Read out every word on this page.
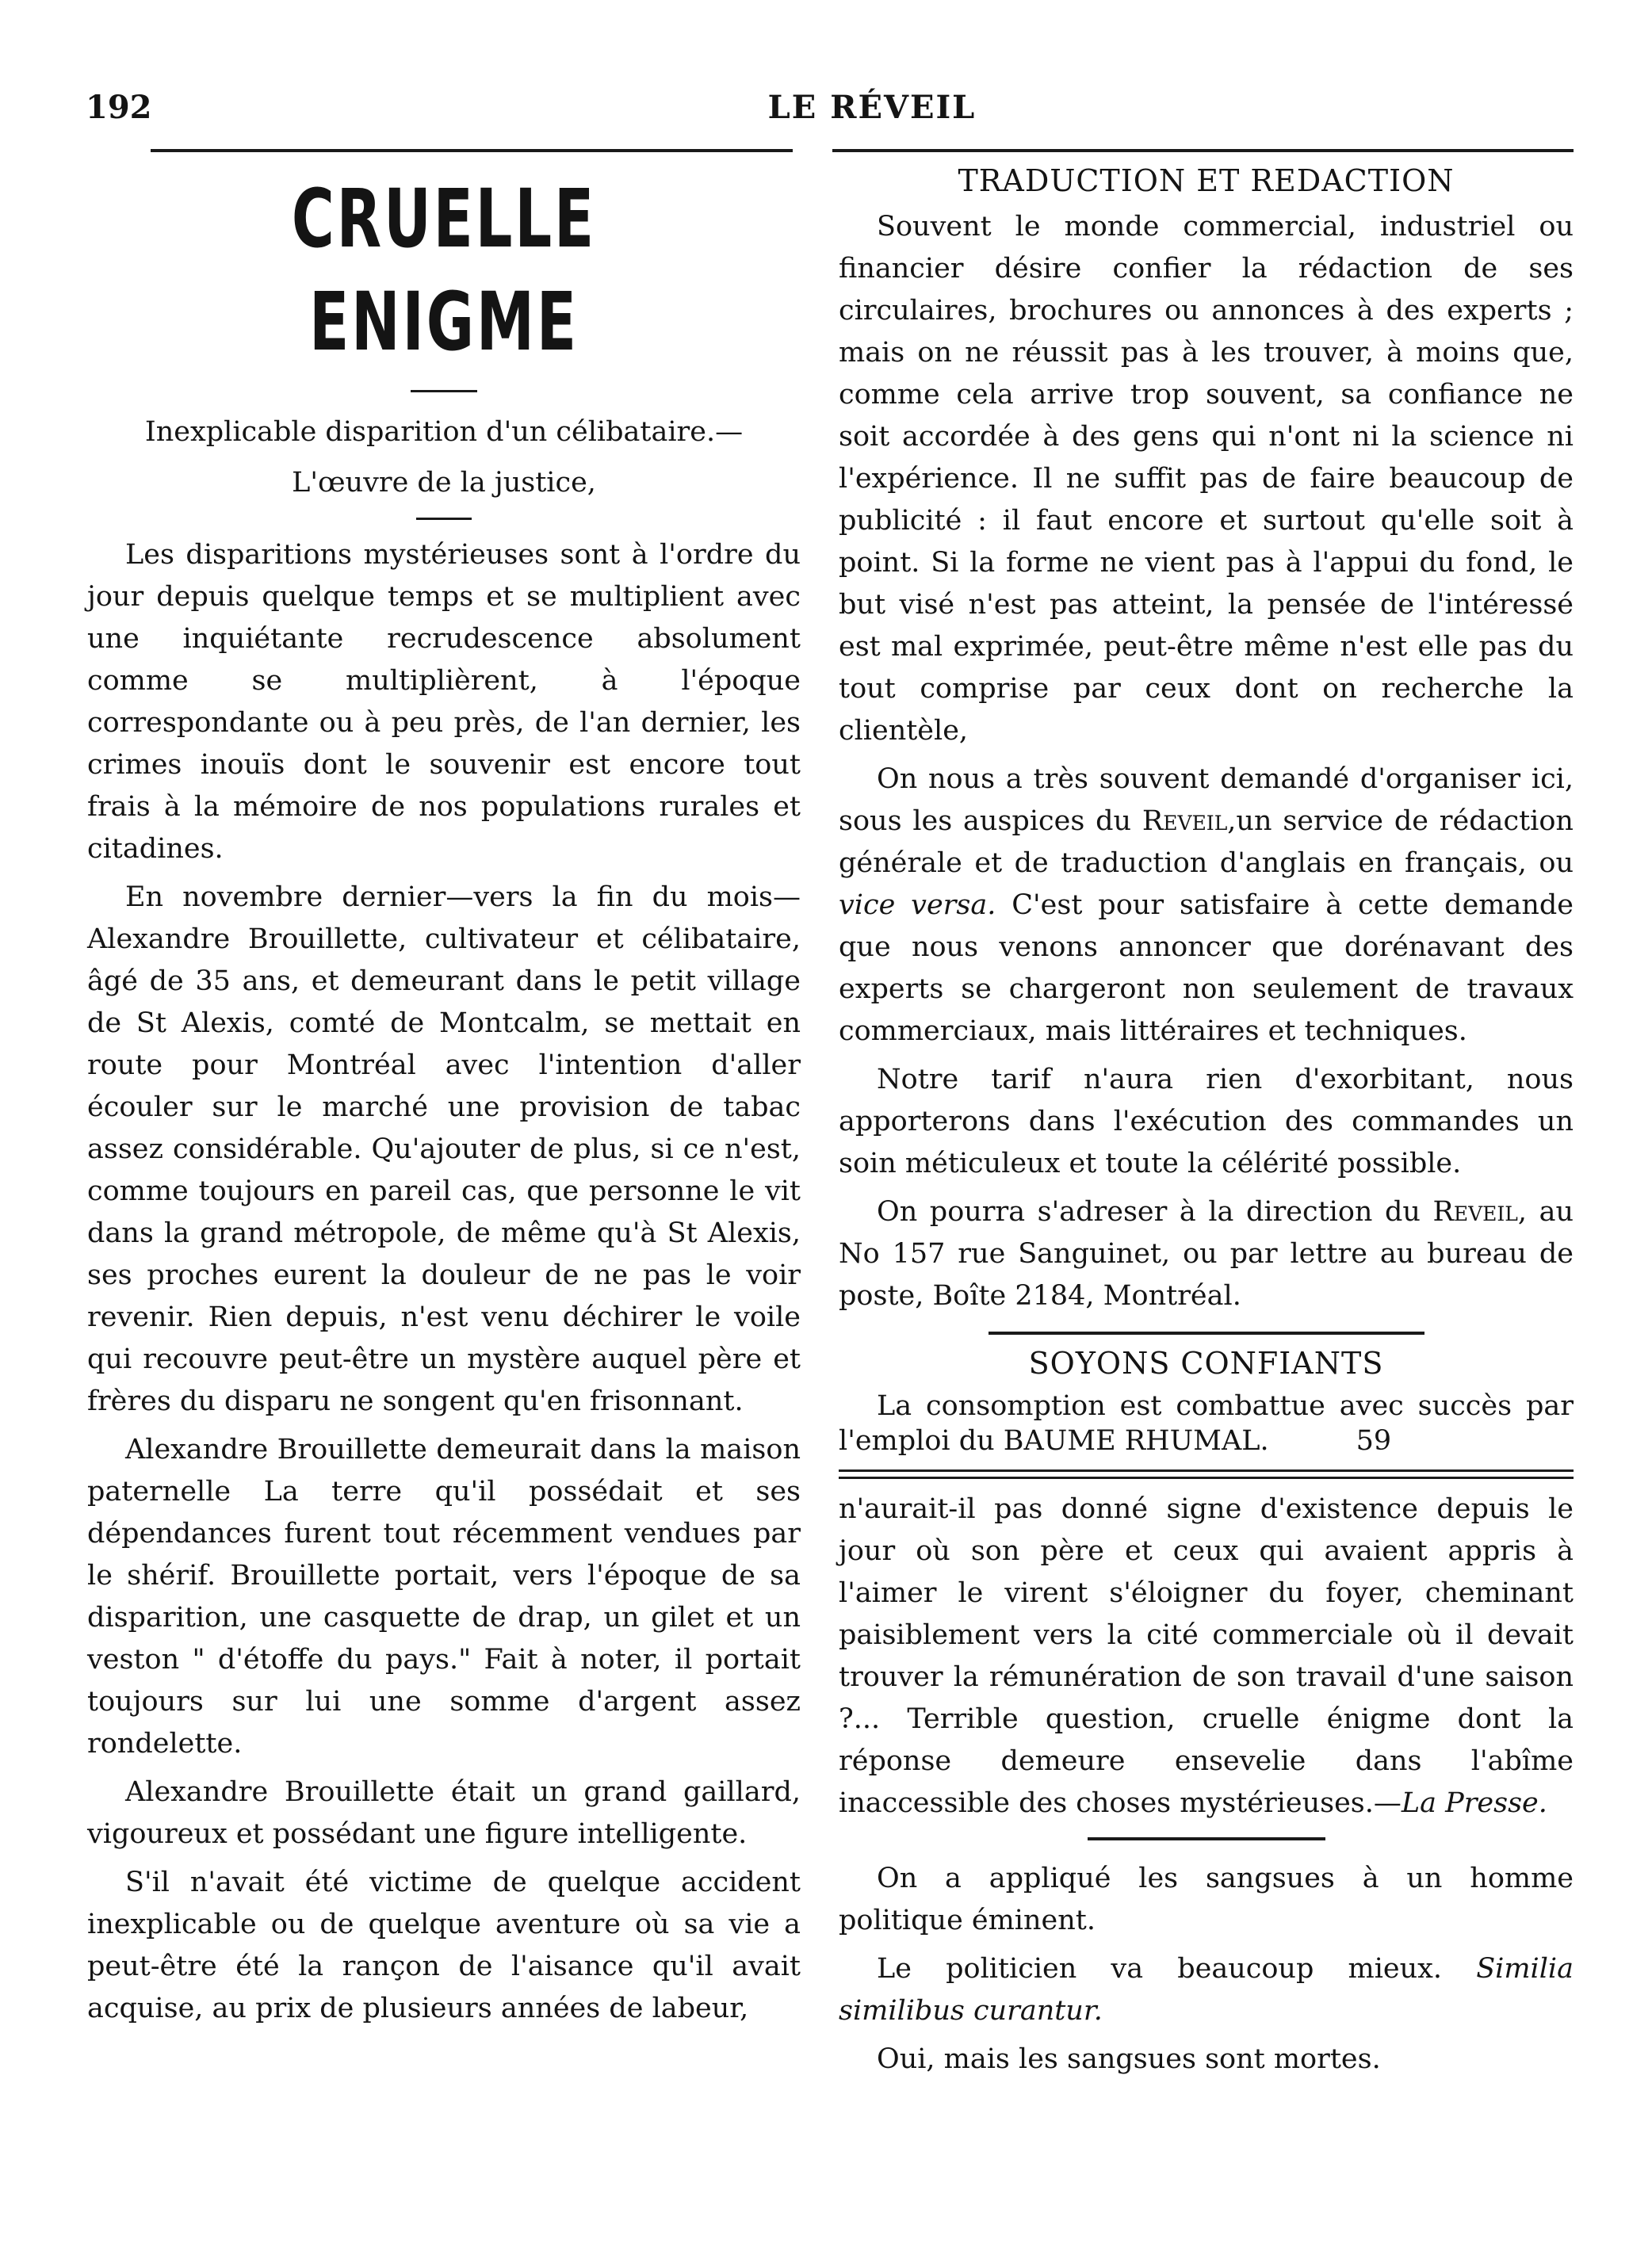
192	LE RÉVEIL
CRUELLE ENIGME
Inexplicable disparition d'un célibataire.—L'œuvre de la justice,

Les disparitions mystérieuses sont à l'ordre du jour depuis quelque temps et se multiplient avec une inquiétante recrudescence absolument comme se multiplièrent, à l'époque correspondante ou à peu près, de l'an dernier, les crimes inouïs dont le souvenir est encore tout frais à la mémoire de nos populations rurales et citadines.

En novembre dernier—vers la fin du mois—Alexandre Brouillette, cultivateur et célibataire, âgé de 35 ans, et demeurant dans le petit village de St Alexis, comté de Montcalm, se mettait en route pour Montréal avec l'intention d'aller écouler sur le marché une provision de tabac assez considérable. Qu'ajouter de plus, si ce n'est, comme toujours en pareil cas, que personne le vit dans la grand métropole, de même qu'à St Alexis, ses proches eurent la douleur de ne pas le voir revenir. Rien depuis, n'est venu déchirer le voile qui recouvre peut-être un mystère auquel père et frères du disparu ne songent qu'en frisonnant.

Alexandre Brouillette demeurait dans la maison paternelle La terre qu'il possédait et ses dépendances furent tout récemment vendues par le shérif. Brouillette portait, vers l'époque de sa disparition, une casquette de drap, un gilet et un veston " d'étoffe du pays." Fait à noter, il portait toujours sur lui une somme d'argent assez rondelette.

Alexandre Brouillette était un grand gaillard, vigoureux et possédant une figure intelligente.

S'il n'avait été victime de quelque accident inexplicable ou de quelque aventure où sa vie a peut-être été la rançon de l'aisance qu'il avait acquise, au prix de plusieurs années de labeur,

TRADUCTION ET REDACTION

Souvent le monde commercial, industriel ou financier désire confier la rédaction de ses circulaires, brochures ou annonces à des experts ; mais on ne réussit pas à les trouver, à moins que, comme cela arrive trop souvent, sa confiance ne soit accordée à des gens qui n'ont ni la science ni l'expérience. Il ne suffit pas de faire beaucoup de publicité : il faut encore et surtout qu'elle soit à point. Si la forme ne vient pas à l'appui du fond, le but visé n'est pas atteint, la pensée de l'intéressé est mal exprimée, peut-être même n'est elle pas du tout comprise par ceux dont on recherche la clientèle,

On nous a très souvent demandé d'organiser ici, sous les auspices du Reveil,un service de rédaction générale et de traduction d'anglais en français, ou vice versa. C'est pour satisfaire à cette demande que nous venons annoncer que dorénavant des experts se chargeront non seulement de travaux commerciaux, mais littéraires et techniques.

Notre tarif n'aura rien d'exorbitant, nous apporterons dans l'exécution des commandes un soin méticuleux et toute la célérité possible.

On pourra s'adreser à la direction du Reveil, au No 157 rue Sanguinet, ou par lettre au bureau de poste, Boîte 2184, Montréal.

SOYONS CONFIANTS

La consomption est combattue avec succès par l'emploi du BAUME RHUMAL.	59

n'aurait-il pas donné signe d'existence depuis le jour où son père et ceux qui avaient appris à l'aimer le virent s'éloigner du foyer, cheminant paisiblement vers la cité commerciale où il devait trouver la rémunération de son travail d'une saison ?... Terrible question, cruelle énigme dont la réponse demeure ensevelie dans l'abîme inaccessible des choses mystérieuses.—La Presse.

On a appliqué les sangsues à un homme politique éminent.

Le politicien va beaucoup mieux. Similia similibus curantur.

Oui, mais les sangsues sont mortes.
